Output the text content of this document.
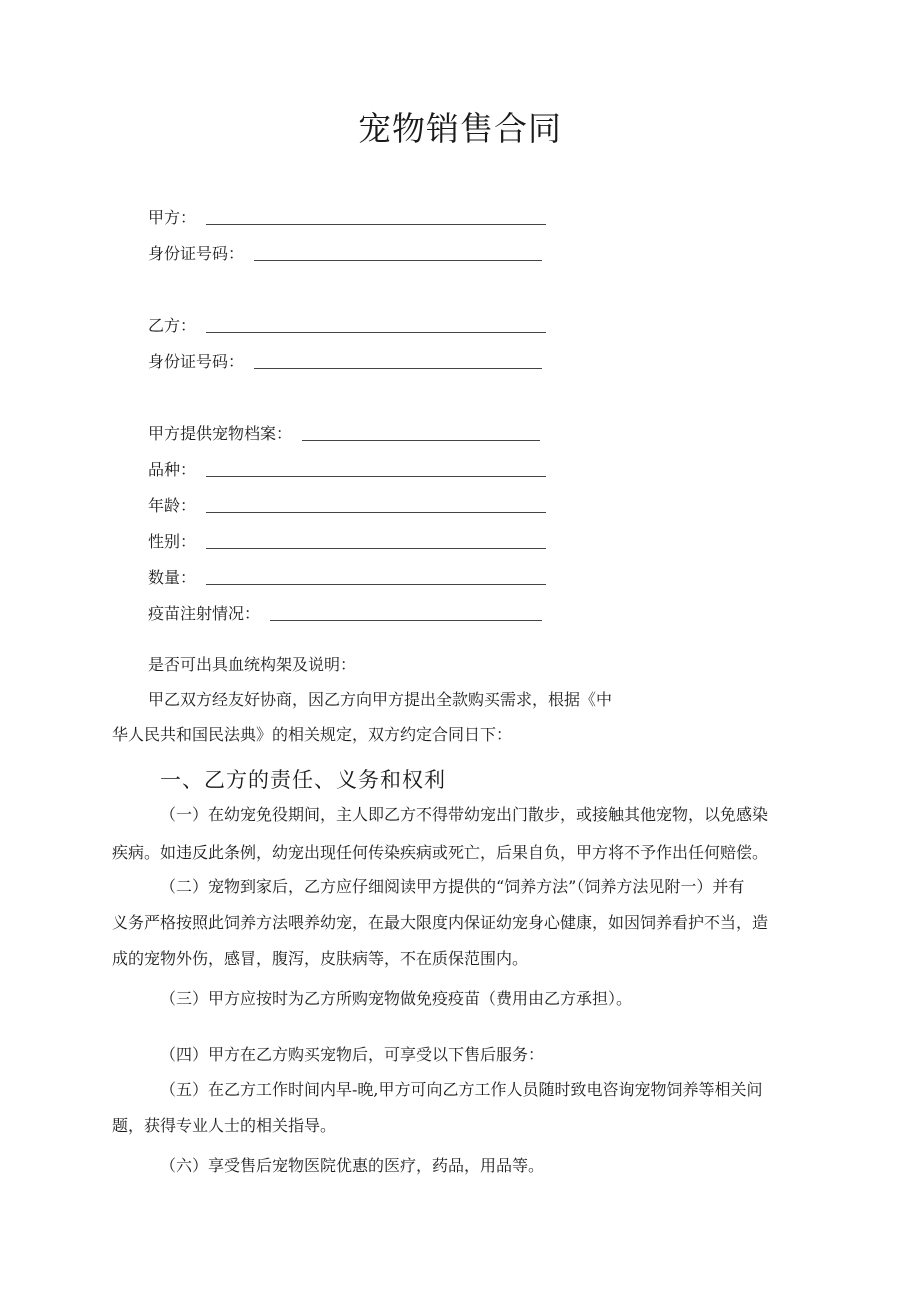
宠物销售合同
甲方：
身份证号码：
乙方：
身份证号码：
甲方提供宠物档案：
品种：
年龄：
性别：
数量：
疫苗注射情况：
是否可出具血统构架及说明：
甲乙双方经友好协商，因乙方向甲方提出全款购买需求，根据《中
华人民共和国民法典》的相关规定，双方约定合同日下：
一、乙方的责任、义务和权利
（一）在幼宠免役期间，主人即乙方不得带幼宠出门散步，或接触其他宠物，以免感染
疾病。如违反此条例，幼宠出现任何传染疾病或死亡，后果自负，甲方将不予作出任何赔偿。
（二）宠物到家后，乙方应仔细阅读甲方提供的“饲养方法”（饲养方法见附一）并有
义务严格按照此饲养方法喂养幼宠，在最大限度内保证幼宠身心健康，如因饲养看护不当，造
成的宠物外伤，感冒，腹泻，皮肤病等，不在质保范围内。
（三）甲方应按时为乙方所购宠物做免疫疫苗（费用由乙方承担）。
（四）甲方在乙方购买宠物后，可享受以下售后服务：
（五）在乙方工作时间内早-晚,甲方可向乙方工作人员随时致电咨询宠物饲养等相关问
题，获得专业人士的相关指导。
（六）享受售后宠物医院优惠的医疗，药品，用品等。
